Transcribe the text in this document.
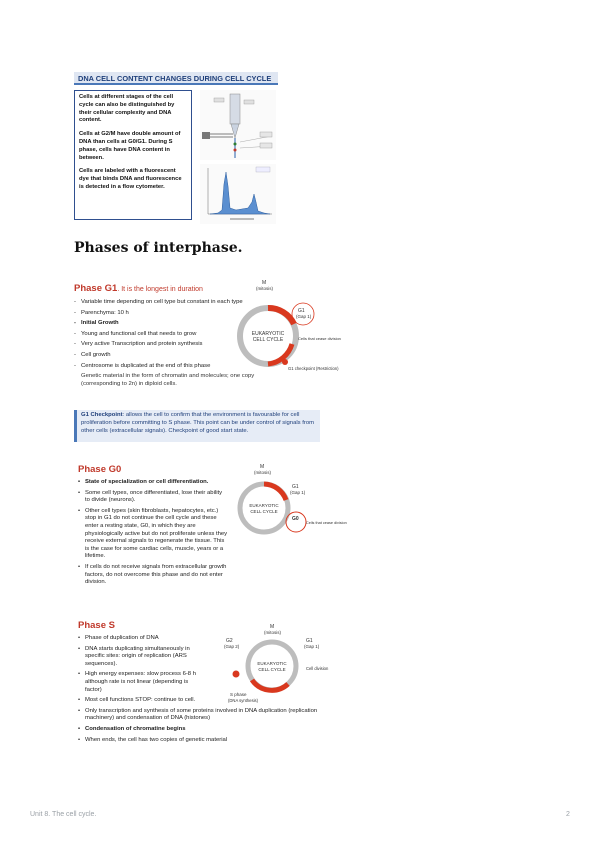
DNA CELL CONTENT CHANGES DURING CELL CYCLE

Cells at different stages of the cell cycle can also be distinguished by their cellular complexity and DNA content.

Cells at G2/M have double amount of DNA than cells at G0/G1. During S phase, cells have DNA content in between.

Cells are labeled with a fluorescent dye that binds DNA and fluorescence is detected in a flow cytometer.

Phases of interphase.
Phase G1. It is the longest in duration
- Variable time depending on cell type but constant in each type
- Parenchyma: 10 h
- Initial Growth
- Young and functional cell that needs to grow
- Very active Transcription and protein synthesis
- Cell growth
- Centrosome is duplicated at the end of this phase
Genetic material in the form of chromatin and molecules; one copy (corresponding to 2n) in diploid cells.
EUKARYOTIC
CELL CYCLE
M
(mitosis)
G1
(Gap 1)
Cells that cease division
G1 checkpoint (Restriction)
G1 Checkpoint: allows the cell to confirm that the environment is favourable for cell proliferation before committing to S phase. This point can be under control of signals from other cells (extracellular signals). Checkpoint of good start state.
Phase G0
• State of specialization or cell differentiation.
• Some cell types, once differentiated, lose their ability to divide (neurons).
• Other cell types (skin fibroblasts, hepatocytes, etc.) stop in G1 do not continue the cell cycle and these enter a resting state, G0, in which they are physiologically active but do not proliferate unless they receive external signals to regenerate the tissue. This is the case for some cardiac cells, muscle, years or a lifetime.
• If cells do not receive signals from extracellular growth factors, do not overcome this phase and do not enter division.
EUKARYOTIC
CELL CYCLE
M
(mitosis)
G1
(Gap 1)
G0
Cells that cease division
Phase S
• Phase of duplication of DNA
• DNA starts duplicating simultaneously in specific sites: origin of replication (ARS sequences).
• High energy expenses: slow process 6-8 h although rate is not linear (depending is factor)
• Most cell functions STOP: continue to cell.
• Only transcription and synthesis of some proteins involved in DNA duplication (replication machinery) and condensation of DNA (histones)
• Condensation of chromatine begins
• When ends, the cell has two copies of genetic material
EUKARYOTIC
CELL CYCLE
M
(mitosis)
G2
(Gap 2)
G1
(Gap 1)
S phase
(DNA synthesis)
Cell division
Unit 8. The cell cycle.	2
